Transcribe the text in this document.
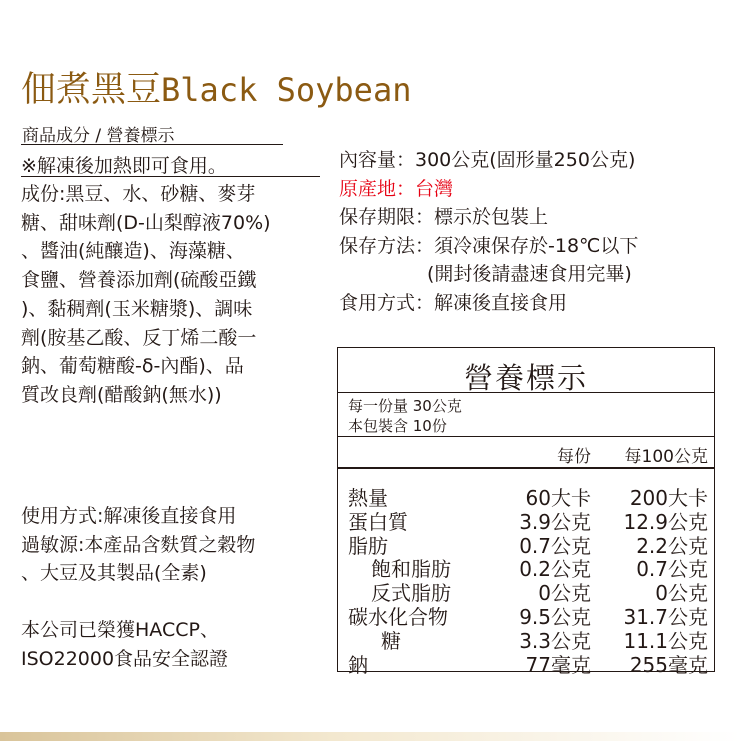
佃煮黑豆Black Soybean
商品成分 / 營養標示
※解凍後加熱即可食用。
成份:黑豆、水、砂糖、麥芽
糖、甜味劑(D-山梨醇液70%)
、醬油(純釀造)、海藻糖、
食鹽、營養添加劑(硫酸亞鐵
)、黏稠劑(玉米糖漿)、調味
劑(胺基乙酸、反丁烯二酸一
鈉、葡萄糖酸-δ-內酯)、品
質改良劑(醋酸鈉(無水))
使用方式:解凍後直接食用
過敏源:本產品含麩質之穀物
、大豆及其製品(全素)
本公司已榮獲HACCP、
ISO22000食品安全認證
內容量：300公克(固形量250公克)
原產地：台灣
保存期限：標示於包裝上
保存方法：須冷凍保存於-18℃以下
(開封後請盡速食用完畢)
食用方式：解凍後直接食用
營養標示
每一份量 30公克
本包裝含 10份
每份 每100公克
熱量	60大卡 200大卡
蛋白質	3.9公克 12.9公克
脂肪	0.7公克 2.2公克
飽和脂肪	0.2公克 0.7公克
反式脂肪	0公克	0公克
碳水化合物	9.5公克 31.7公克
糖	3.3公克 11.1公克
鈉	77毫克 255毫克
